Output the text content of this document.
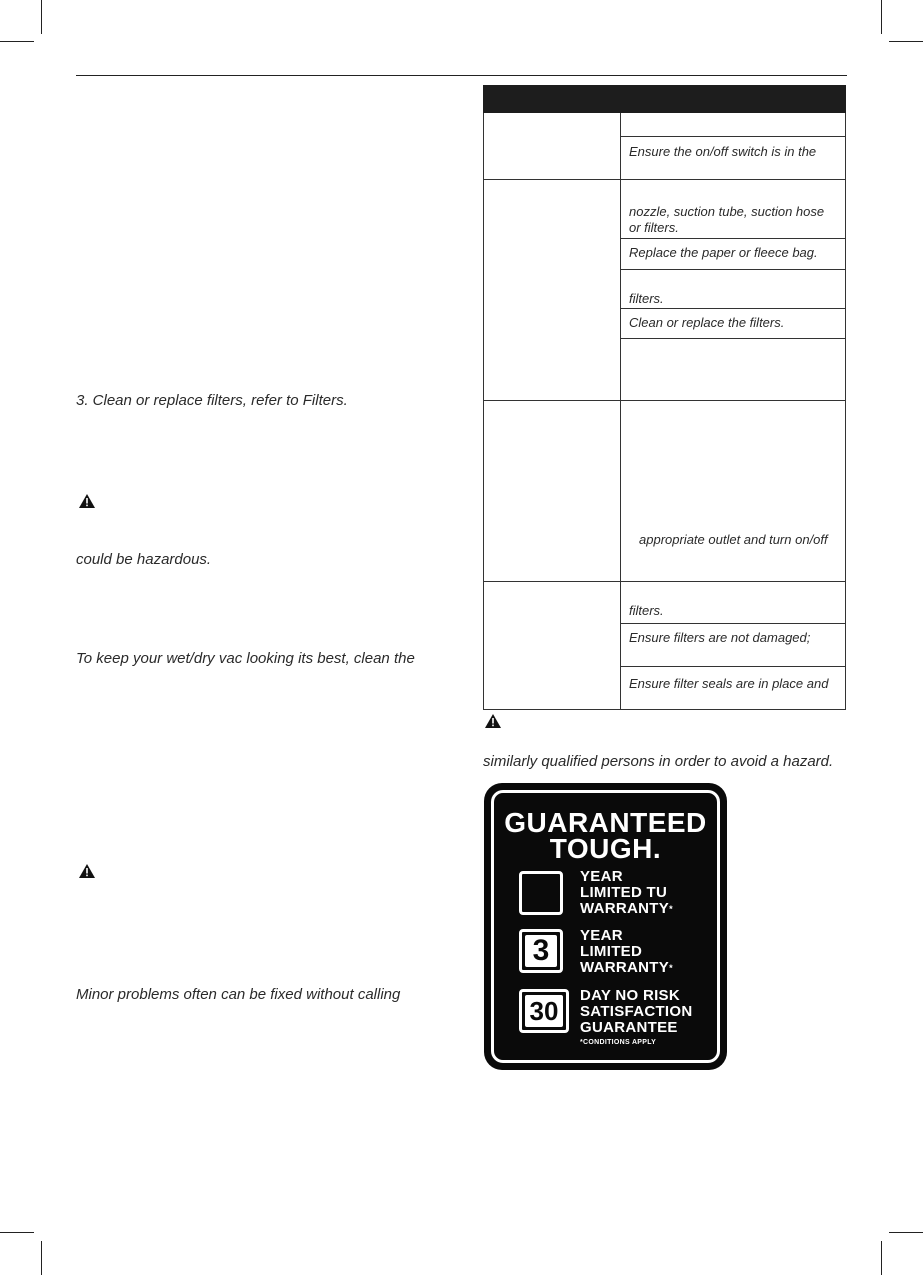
3. Clean or replace filters, refer to Filters.
could be hazardous.
To keep your wet/dry vac looking its best, clean the
Minor problems often can be fixed without calling
Ensure the on/off switch is in the
nozzle, suction tube, suction hose
or filters.
Replace the paper or fleece bag.
filters.
Clean or replace the filters.
appropriate outlet and turn on/off
filters.
Ensure filters are not damaged;
Ensure filter seals are in place and
similarly qualified persons in order to avoid a hazard.
GUARANTEED
TOUGH.
YEAR
LIMITED TU
WARRANTY*
3	YEAR
LIMITED
WARRANTY*
30
DAY NO RISK
SATISFACTION
GUARANTEE
*CONDITIONS APPLY
